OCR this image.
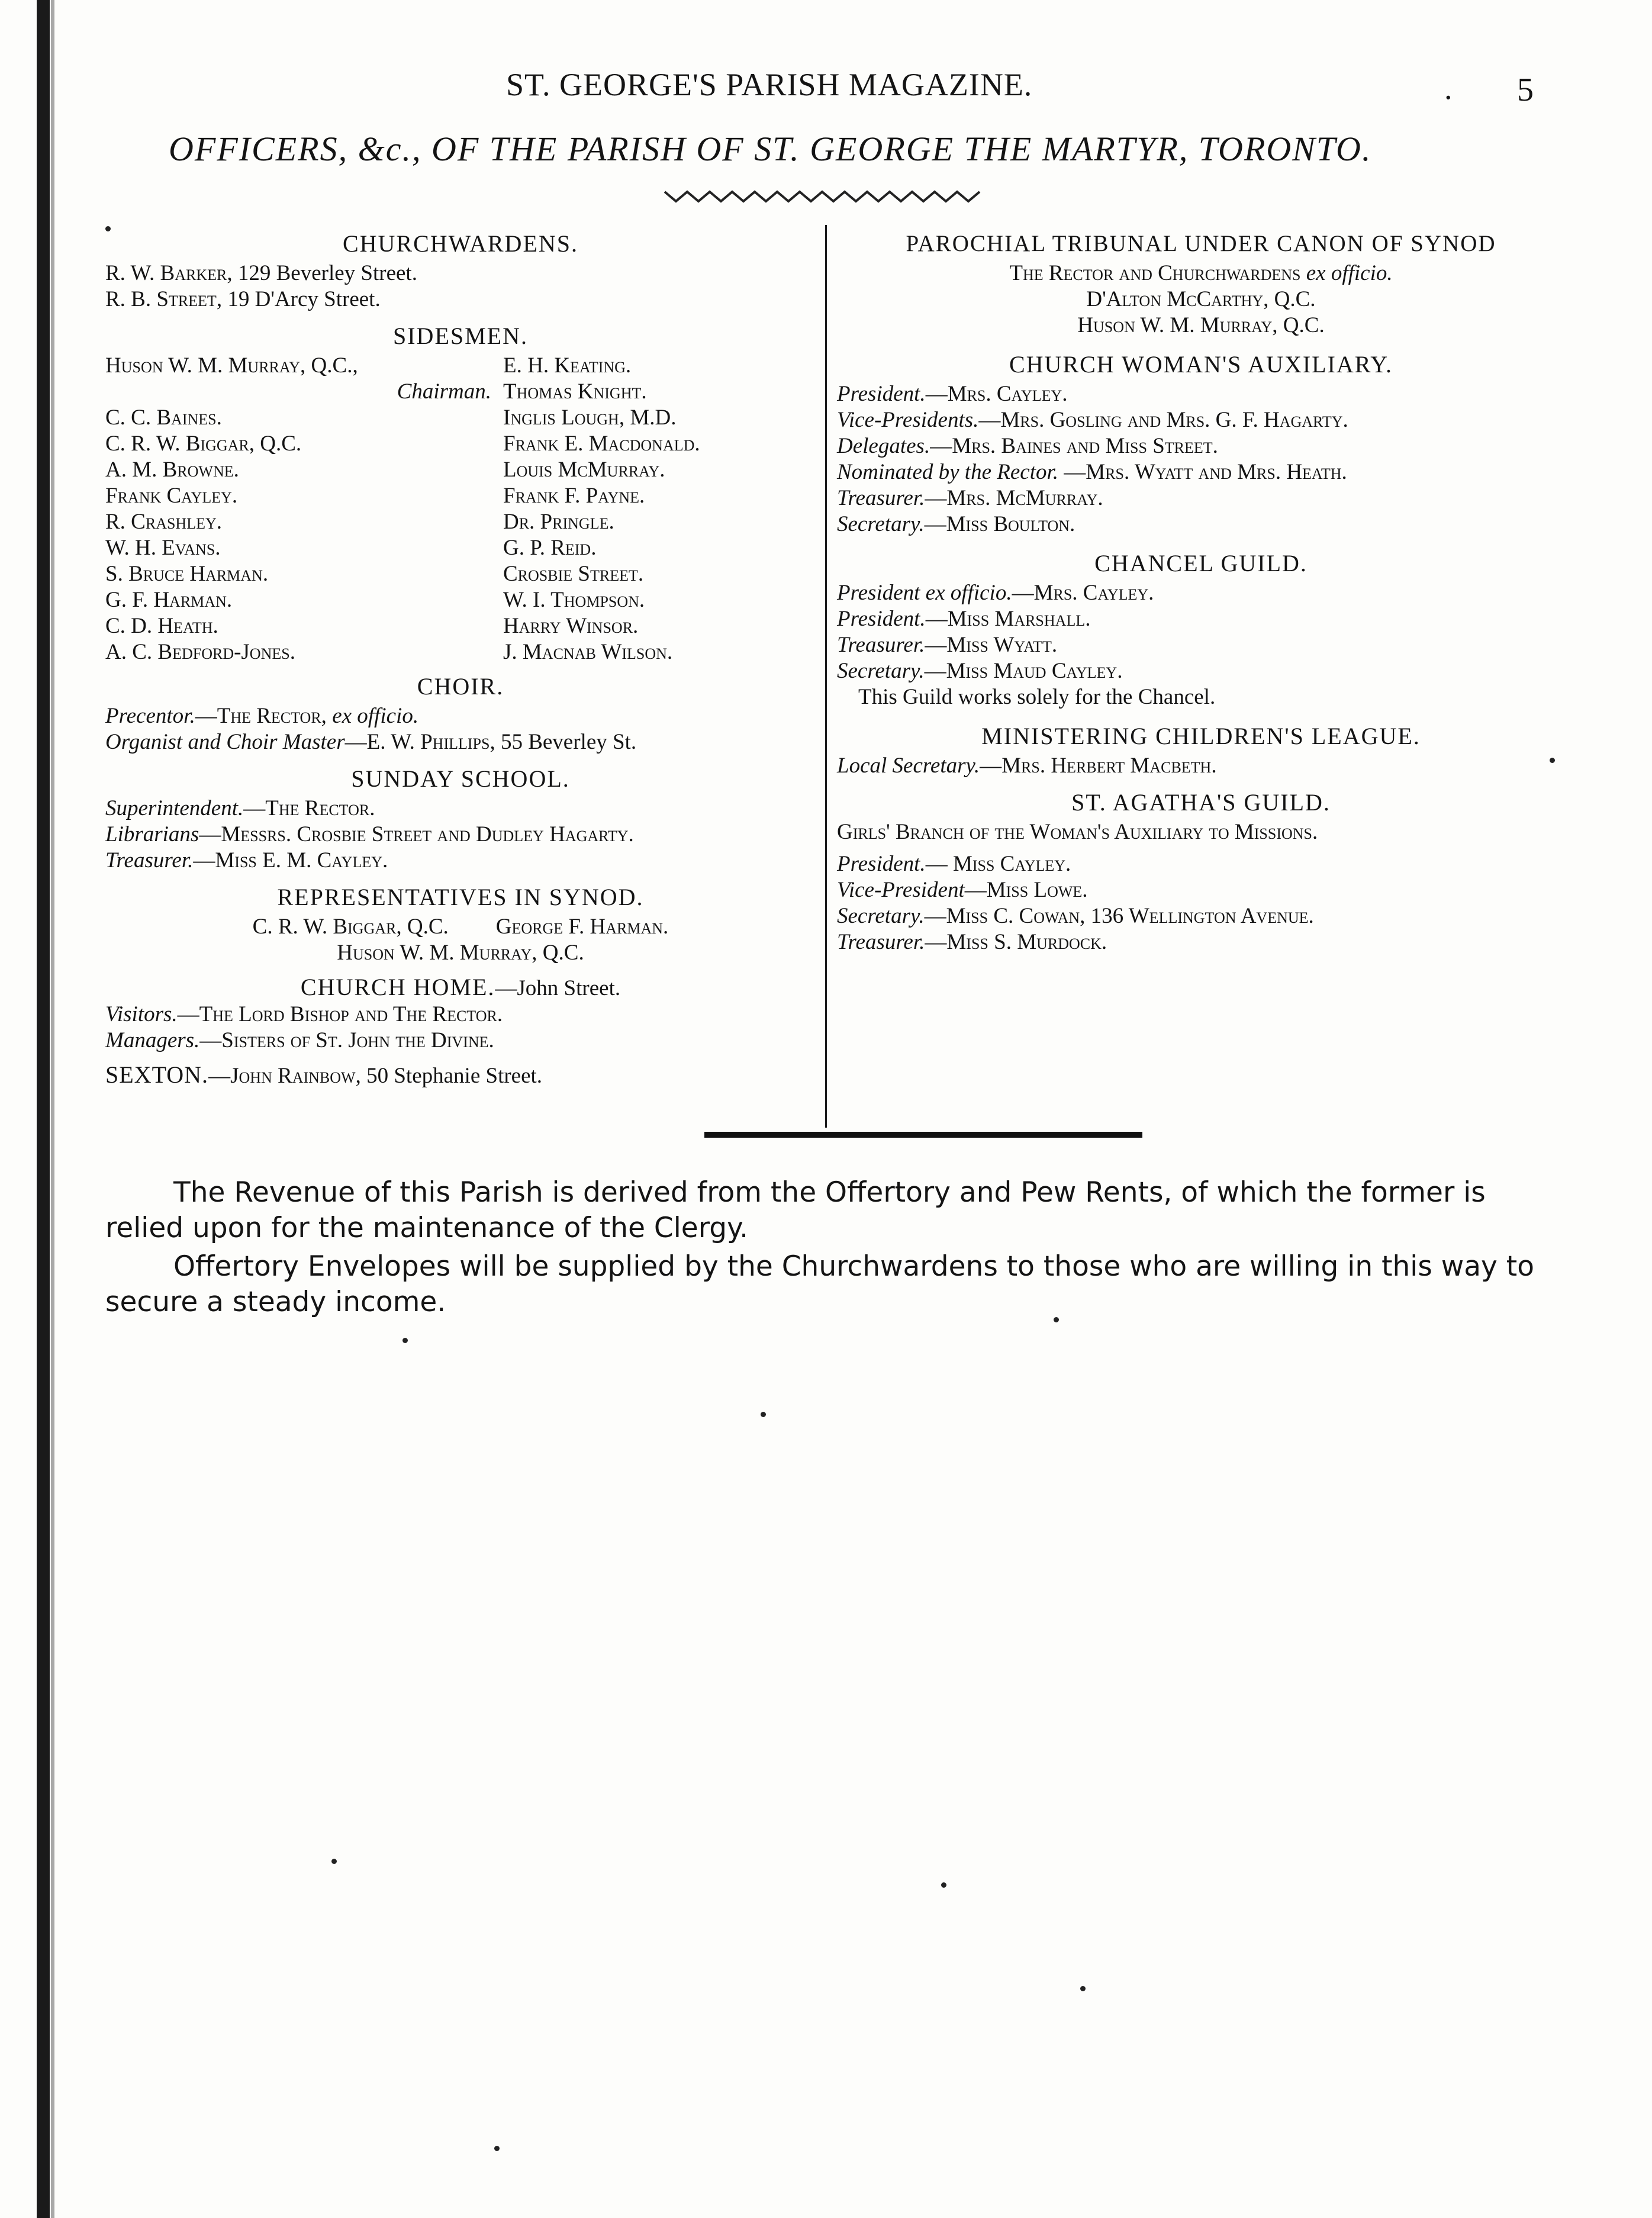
ST. GEORGE'S PARISH MAGAZINE.	. 5
OFFICERS, &c., OF THE PARISH OF ST. GEORGE THE MARTYR, TORONTO.
CHURCHWARDENS.
R. W. Barker, 129 Beverley Street.
R. B. Street, 19 D'Arcy Street.
SIDESMEN.
Huson W. M. Murray, Q.C.,
Chairman.
C. C. Baines.
C. R. W. Biggar, Q.C.
A. M. Browne.
Frank Cayley.
R. Crashley.
W. H. Evans.
S. Bruce Harman.
G. F. Harman.
C. D. Heath.
A. C. Bedford-Jones.
E. H. Keating.
Thomas Knight.
Inglis Lough, M.D.
Frank E. Macdonald.
Louis McMurray.
Frank F. Payne.
Dr. Pringle.
G. P. Reid.
Crosbie Street.
W. I. Thompson.
Harry Winsor.
J. Macnab Wilson.
CHOIR.
Precentor.—The Rector, ex officio.
Organist and Choir Master—E. W. Phillips, 55 Beverley St.
SUNDAY SCHOOL.
Superintendent.—The Rector.
Librarians—Messrs. Crosbie Street and Dudley Hagarty.
Treasurer.—Miss E. M. Cayley.
REPRESENTATIVES IN SYNOD.
C. R. W. Biggar, Q.C. George F. Harman.
Huson W. M. Murray, Q.C.
CHURCH HOME.—John Street.
Visitors.—The Lord Bishop and The Rector.
Managers.—Sisters of St. John the Divine.
SEXTON.—John Rainbow, 50 Stephanie Street.
PAROCHIAL TRIBUNAL UNDER CANON OF SYNOD
The Rector and Churchwardens ex officio.
D'Alton McCarthy, Q.C.
Huson W. M. Murray, Q.C.
CHURCH WOMAN'S AUXILIARY.
President.—Mrs. Cayley.
Vice-Presidents.—Mrs. Gosling and Mrs. G. F. Hagarty.
Delegates.—Mrs. Baines and Miss Street.
Nominated by the Rector. —Mrs. Wyatt and Mrs. Heath.
Treasurer.—Mrs. McMurray.
Secretary.—Miss Boulton.
CHANCEL GUILD.
President ex officio.—Mrs. Cayley.
President.—Miss Marshall.
Treasurer.—Miss Wyatt.
Secretary.—Miss Maud Cayley.
This Guild works solely for the Chancel.
MINISTERING CHILDREN'S LEAGUE.
Local Secretary.—Mrs. Herbert Macbeth.
ST. AGATHA'S GUILD.
Girls' Branch of the Woman's Auxiliary to Missions.
President.— Miss Cayley.
Vice-President—Miss Lowe.
Secretary.—Miss C. Cowan, 136 Wellington Avenue.
Treasurer.—Miss S. Murdock.
The Revenue of this Parish is derived from the Offertory and Pew Rents, of which the former is relied upon for the maintenance of the Clergy.
Offertory Envelopes will be supplied by the Churchwardens to those who are willing in this way to secure a steady income.
